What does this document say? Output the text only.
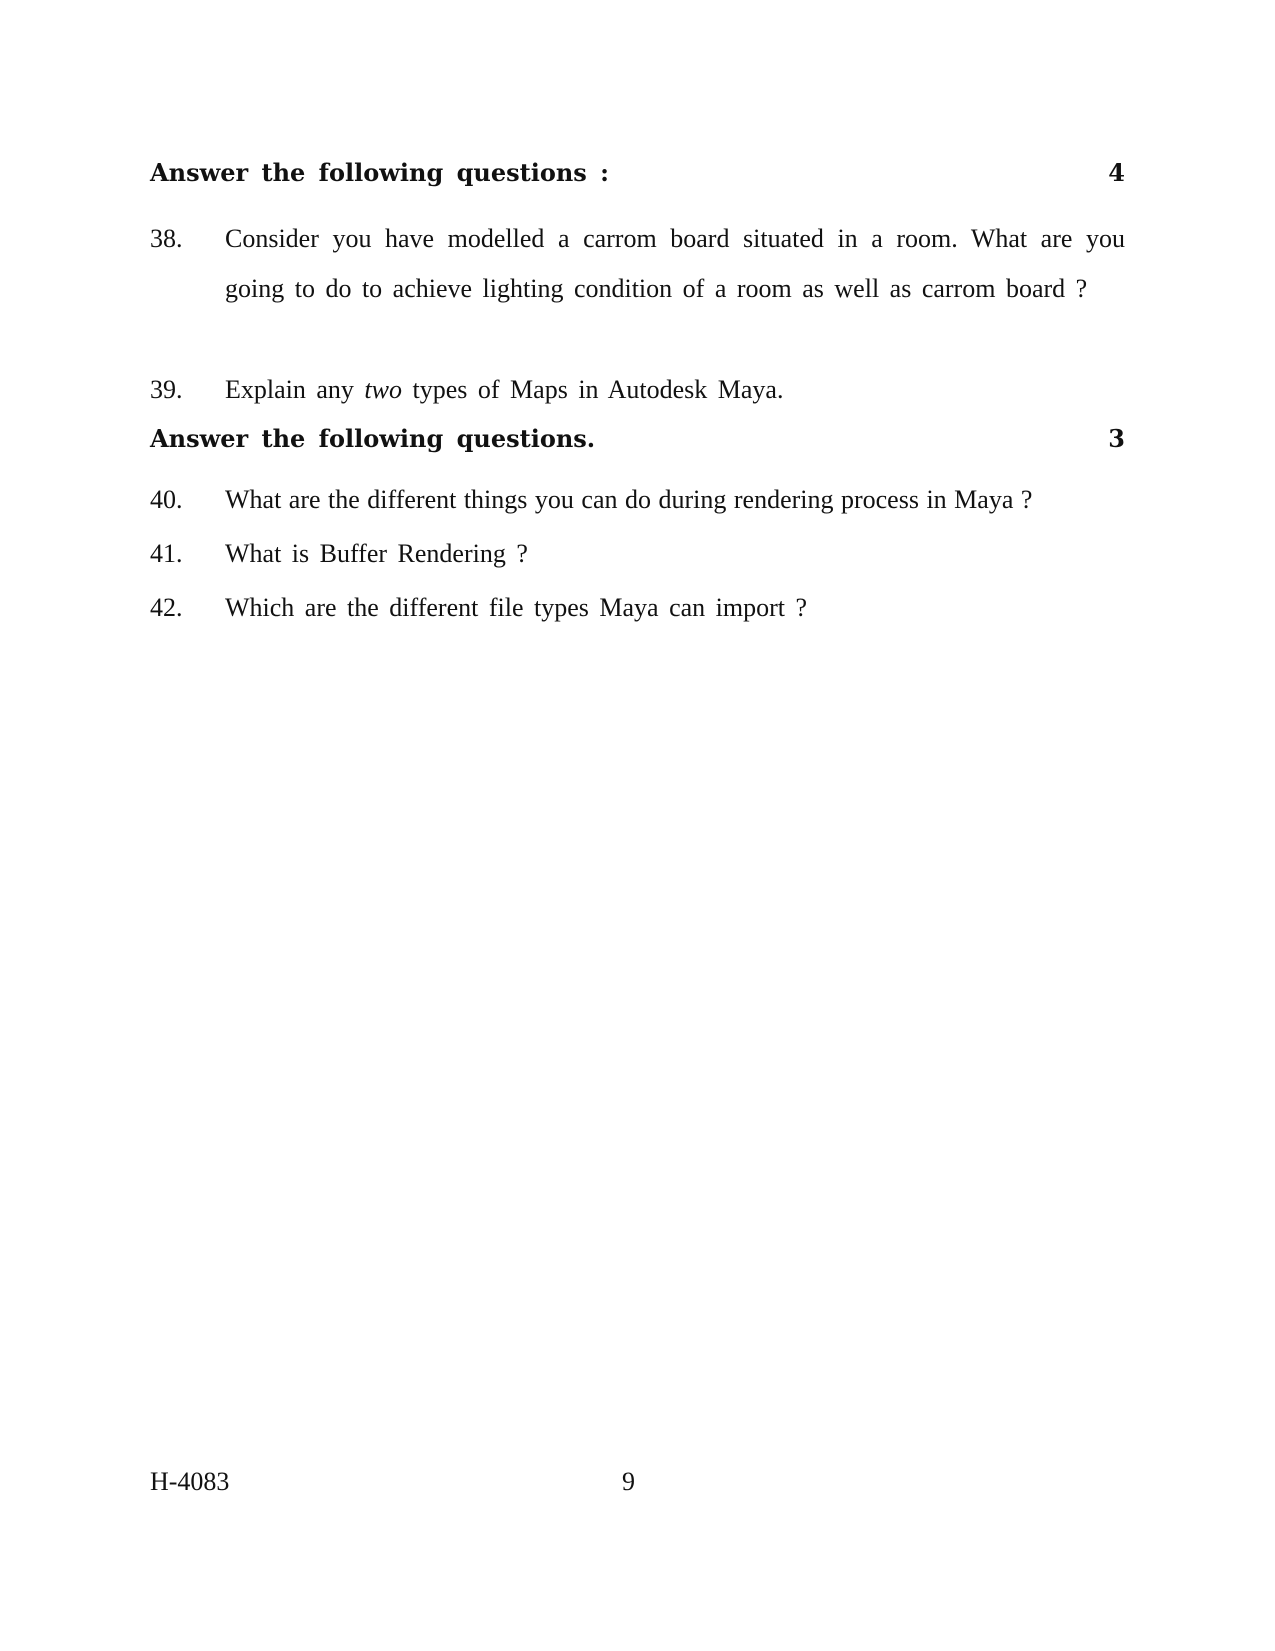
Answer the following questions :	4
38. Consider you have modelled a carrom board situated in a room. What are you going to do to achieve lighting condition of a room as well as carrom board ?
39. Explain any two types of Maps in Autodesk Maya.
Answer the following questions.	3
40. What are the different things you can do during rendering process in Maya ?
41. What is Buffer Rendering ?
42. Which are the different file types Maya can import ?
H-4083	9
